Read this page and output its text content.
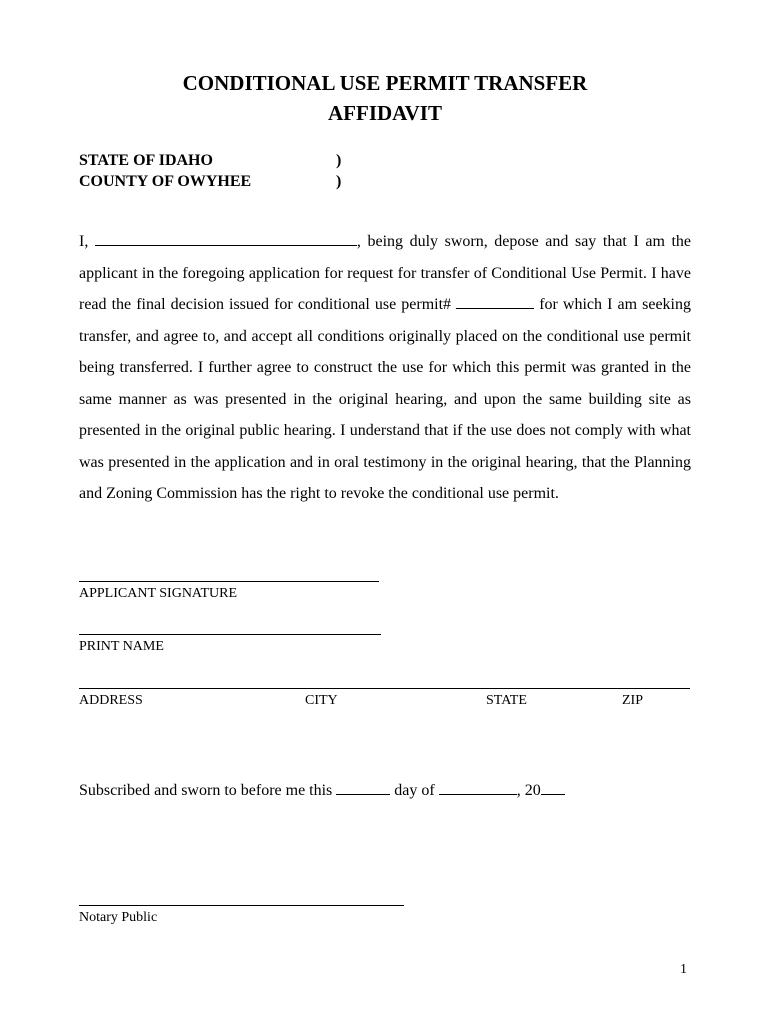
CONDITIONAL USE PERMIT TRANSFER
AFFIDAVIT
STATE OF IDAHO	)
COUNTY OF OWYHEE	)
I,	, being duly sworn, depose and say that I am the applicant in the foregoing application for request for transfer of Conditional Use Permit. I have read the final decision issued for conditional use permit#	for which I am seeking transfer, and agree to, and accept all conditions originally placed on the conditional use permit being transferred. I further agree to construct the use for which this permit was granted in the same manner as was presented in the original hearing, and upon the same building site as presented in the original public hearing. I understand that if the use does not comply with what was presented in the application and in oral testimony in the original hearing, that the Planning and Zoning Commission has the right to revoke the conditional use permit.
APPLICANT SIGNATURE
PRINT NAME
ADDRESS	CITY	STATE	ZIP
Subscribed and sworn to before me this	day of	, 20
Notary Public
1
